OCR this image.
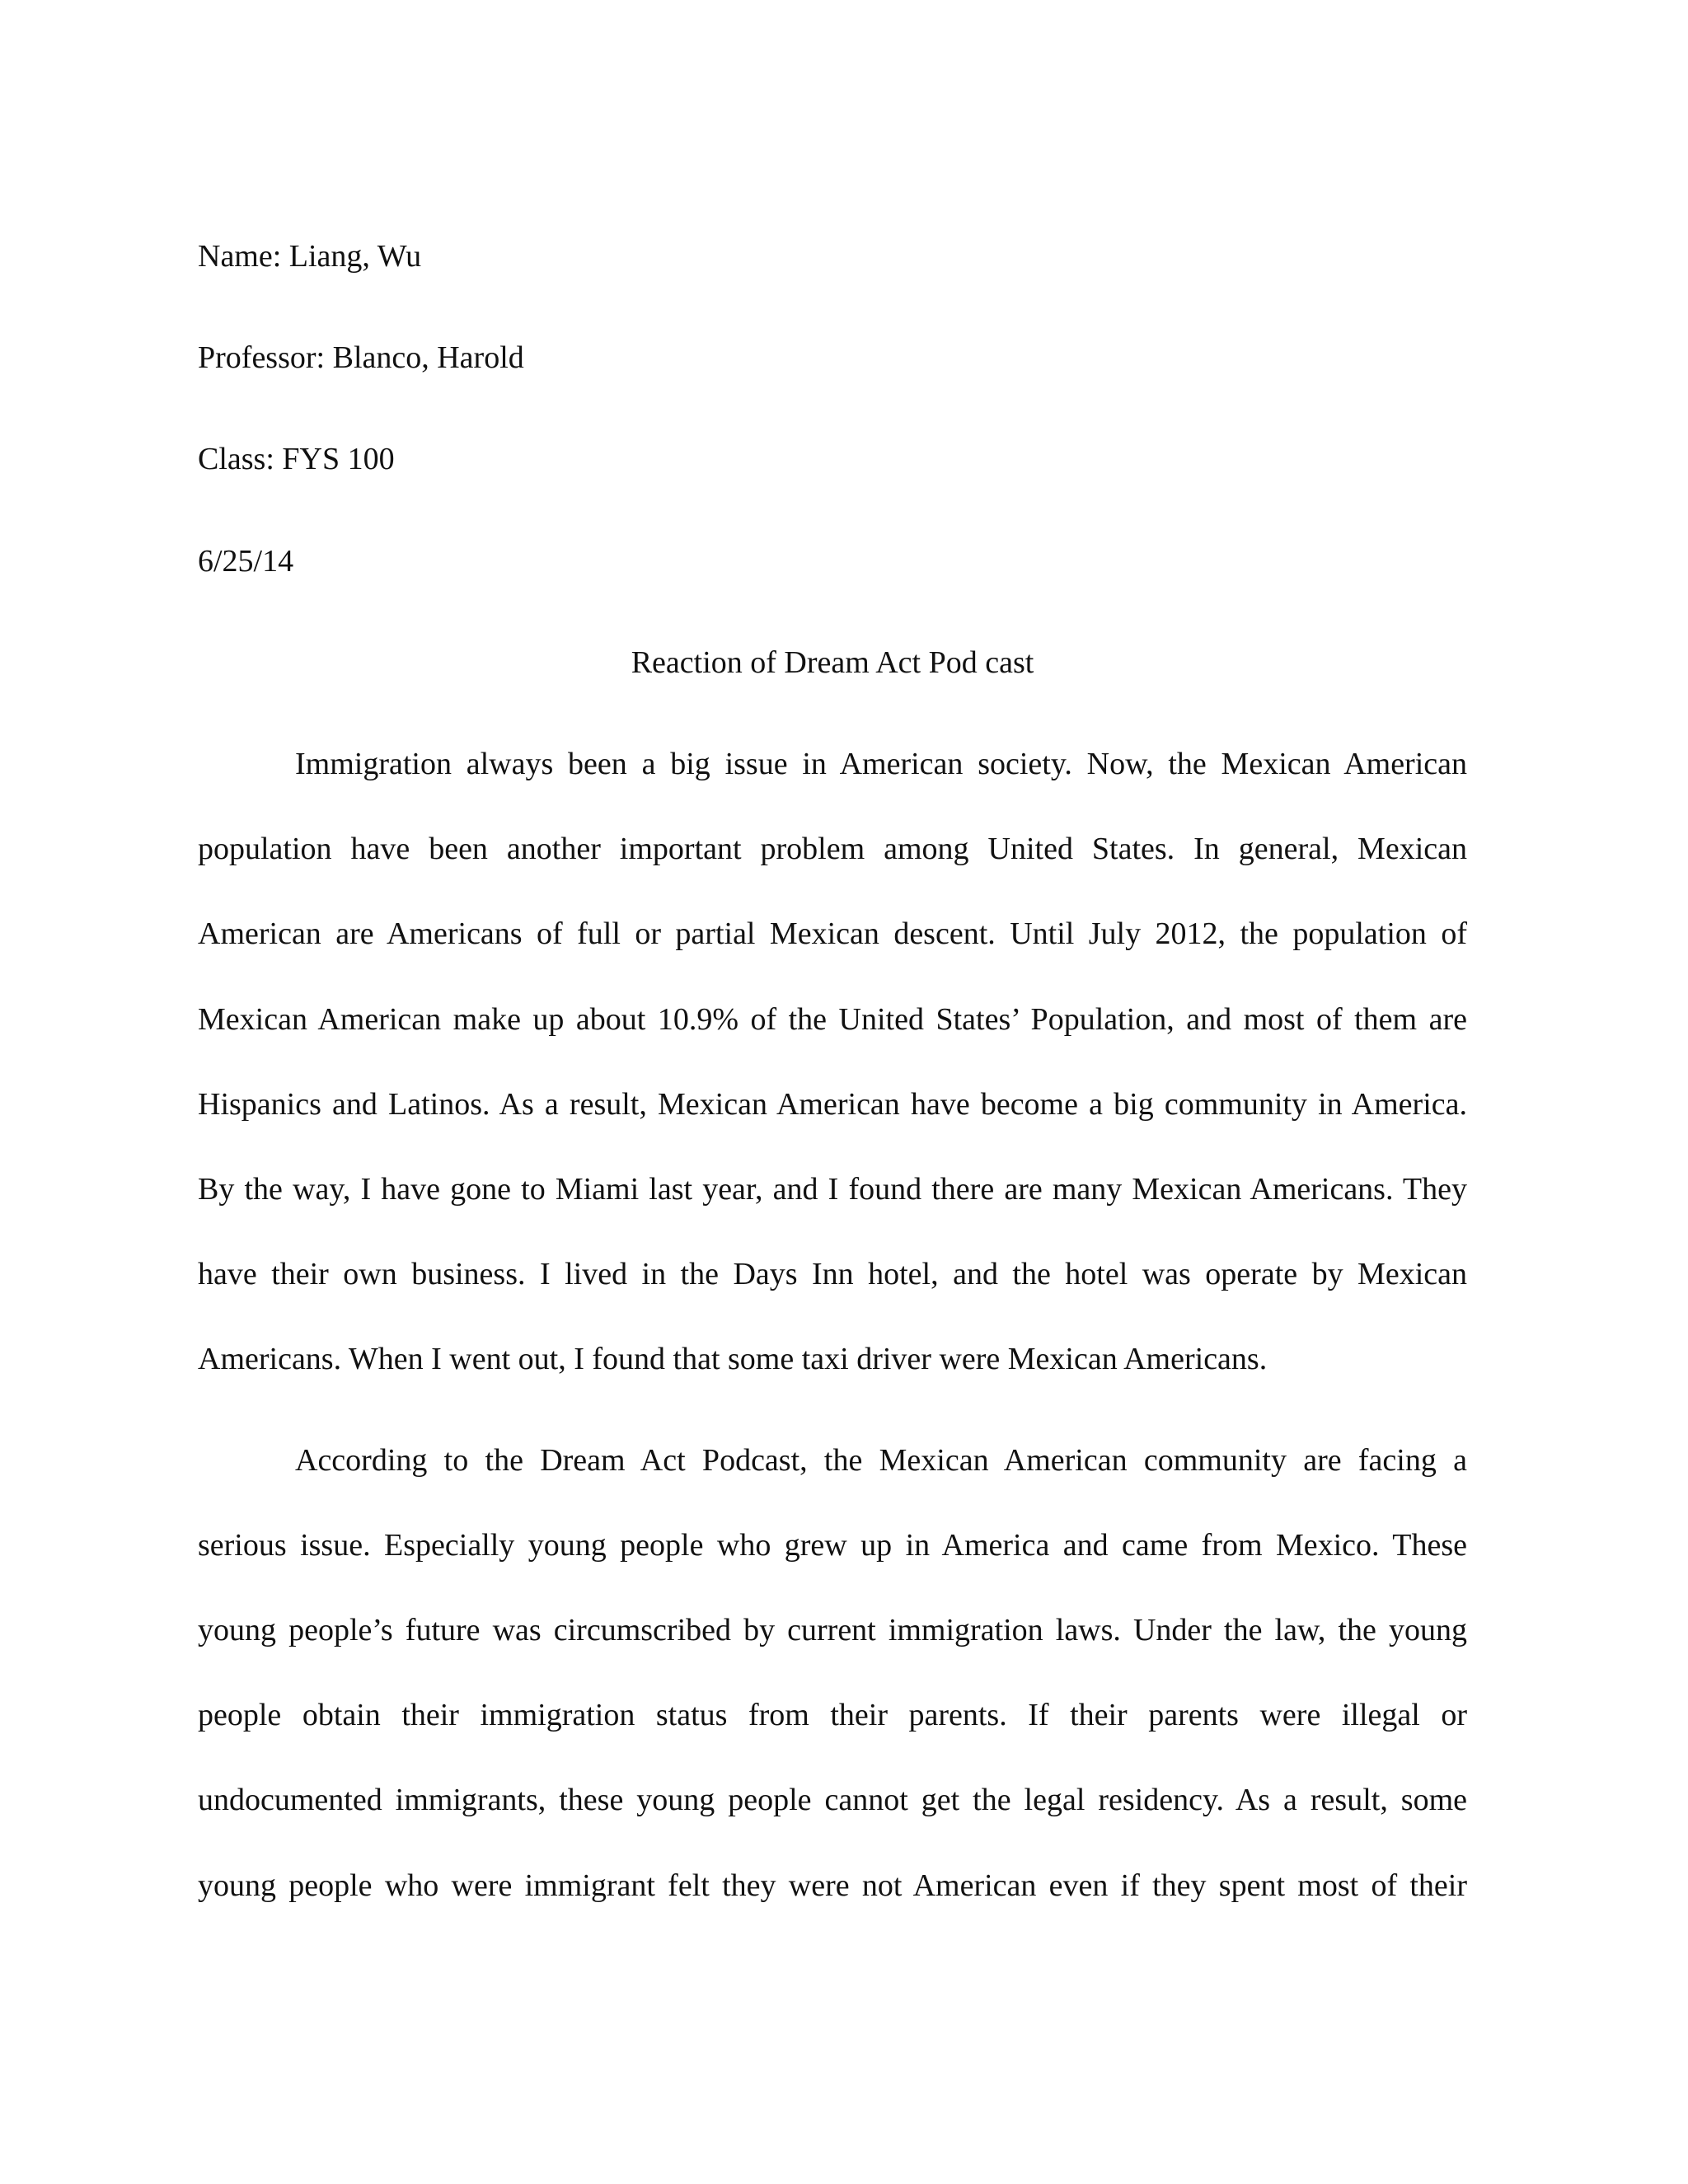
Name: Liang, Wu

Professor: Blanco, Harold

Class: FYS 100

6/25/14

Reaction of Dream Act Pod cast

Immigration always been a big issue in American society. Now, the Mexican American

population have been another important problem among United States. In general, Mexican

American are Americans of full or partial Mexican descent. Until July 2012, the population of

Mexican American make up about 10.9% of the United States’ Population, and most of them are

Hispanics and Latinos. As a result, Mexican American have become a big community in America.

By the way, I have gone to Miami last year, and I found there are many Mexican Americans. They

have their own business. I lived in the Days Inn hotel, and the hotel was operate by Mexican

Americans. When I went out, I found that some taxi driver were Mexican Americans.

According to the Dream Act Podcast, the Mexican American community are facing a

serious issue. Especially young people who grew up in America and came from Mexico. These

young people’s future was circumscribed by current immigration laws. Under the law, the young

people obtain their immigration status from their parents. If their parents were illegal or

undocumented immigrants, these young people cannot get the legal residency. As a result, some

young people who were immigrant felt they were not American even if they spent most of their
